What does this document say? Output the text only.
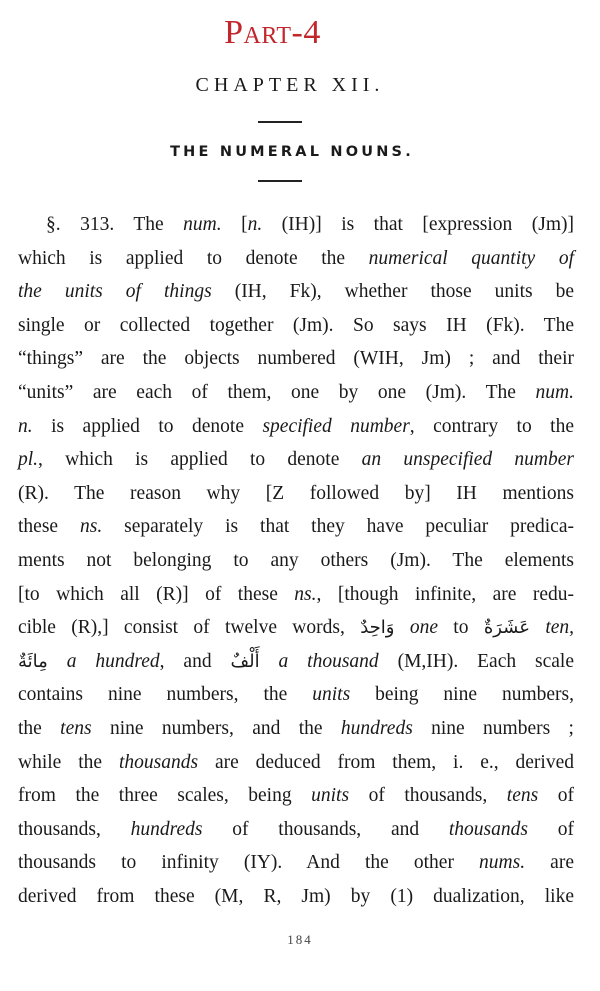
Part-4
CHAPTER XII.
THE NUMERAL NOUNS.
§. 313. The num. [n. (IH)] is that [expression (Jm)]
which is applied to denote the numerical quantity of
the units of things (IH, Fk), whether those units be
single or collected together (Jm). So says IH (Fk). The
“things” are the objects numbered (WIH, Jm) ; and their
“units” are each of them, one by one (Jm). The num.
n. is applied to denote specified number, contrary to the
pl., which is applied to denote an unspecified number
(R). The reason why [Z followed by] IH mentions
these ns. separately is that they have peculiar predica-
ments not belonging to any others (Jm). The elements
[to which all (R)] of these ns., [though infinite, are redu-
cible (R),] consist of twelve words, وَاحِدٌ one to عَشَرَةٌ ten,
مِائَةٌ a hundred, and أَلْفٌ a thousand (M,IH). Each scale
contains nine numbers, the units being nine numbers,
the tens nine numbers, and the hundreds nine numbers ;
while the thousands are deduced from them, i. e., derived
from the three scales, being units of thousands, tens of
thousands, hundreds of thousands, and thousands of
thousands to infinity (IY). And the other nums. are
derived from these (M, R, Jm) by (1) dualization, like
184
